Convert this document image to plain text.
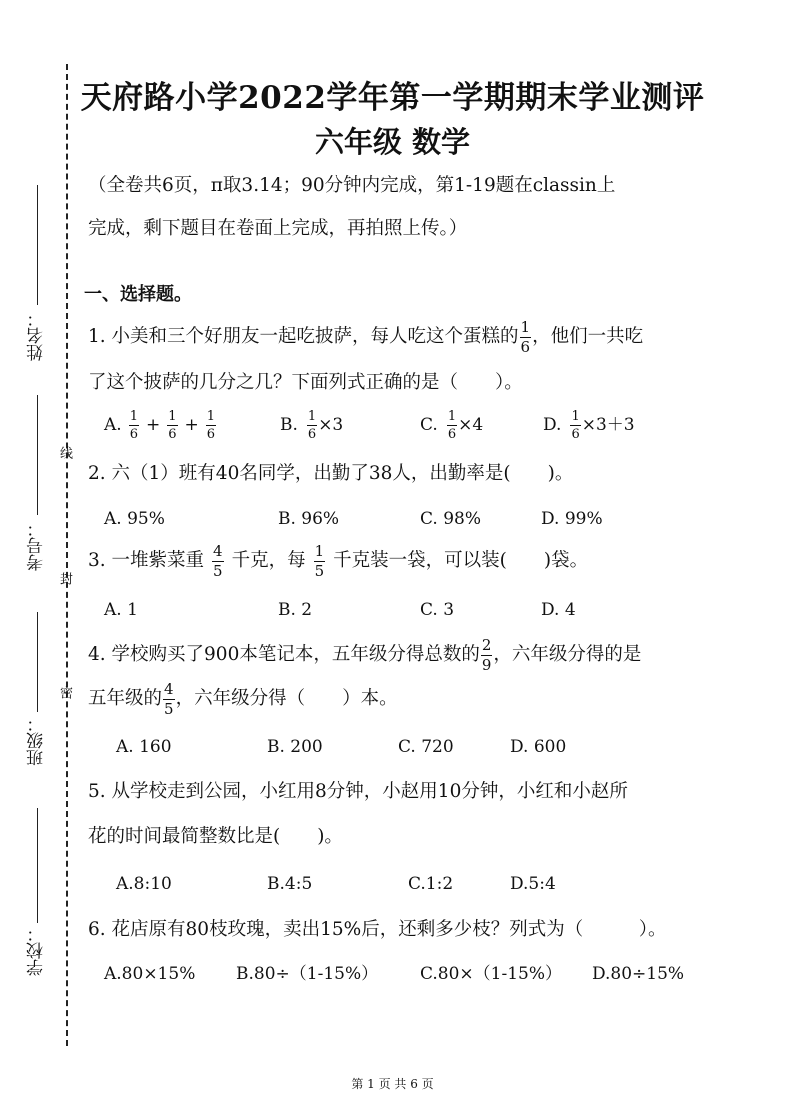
姓名：
考号：
班级：
学校：
线
封
密
天府路小学2022学年第一学期期末学业测评
六年级 数学
（全卷共6页，π取3.14；90分钟内完成，第1-19题在classin上
完成，剩下题目在卷面上完成，再拍照上传。）
一、选择题。
1. 小美和三个好朋友一起吃披萨，每人吃这个蛋糕的 $\frac{1}{6}$ ，他们一共吃
了这个披萨的几分之几？下面列式正确的是（　　）。
A. $\frac{1}{6} + \frac{1}{6} + \frac{1}{6}$	B. $\frac{1}{6} \times 3$	C. $\frac{1}{6} \times 4$	D. $\frac{1}{6} \times 3+3$
2. 六（1）班有40名同学，出勤了38人，出勤率是(　　)。
A. 95%	B. 96%	C. 98%	D. 99%
3. 一堆紫菜重 $\frac{4}{5}$ 千克，每 $\frac{1}{5}$ 千克装一袋，可以装(　　)袋。
A. 1	B. 2	C. 3	D. 4
4. 学校购买了900本笔记本，五年级分得总数的 $\frac{2}{9}$ ，六年级分得的是
五年级的 $\frac{4}{5}$ ，六年级分得（　　）本。
A. 160	B. 200	C. 720	D. 600
5. 从学校走到公园，小红用8分钟，小赵用10分钟，小红和小赵所
花的时间最简整数比是(　　)。
A.8:10	B.4:5	C.1:2	D.5:4
6. 花店原有80枝玫瑰，卖出15%后，还剩多少枝？列式为（　　　）。
A.80×15% B.80÷（1-15%） C.80×（1-15%） D.80÷15%
第 1 页 共 6 页
